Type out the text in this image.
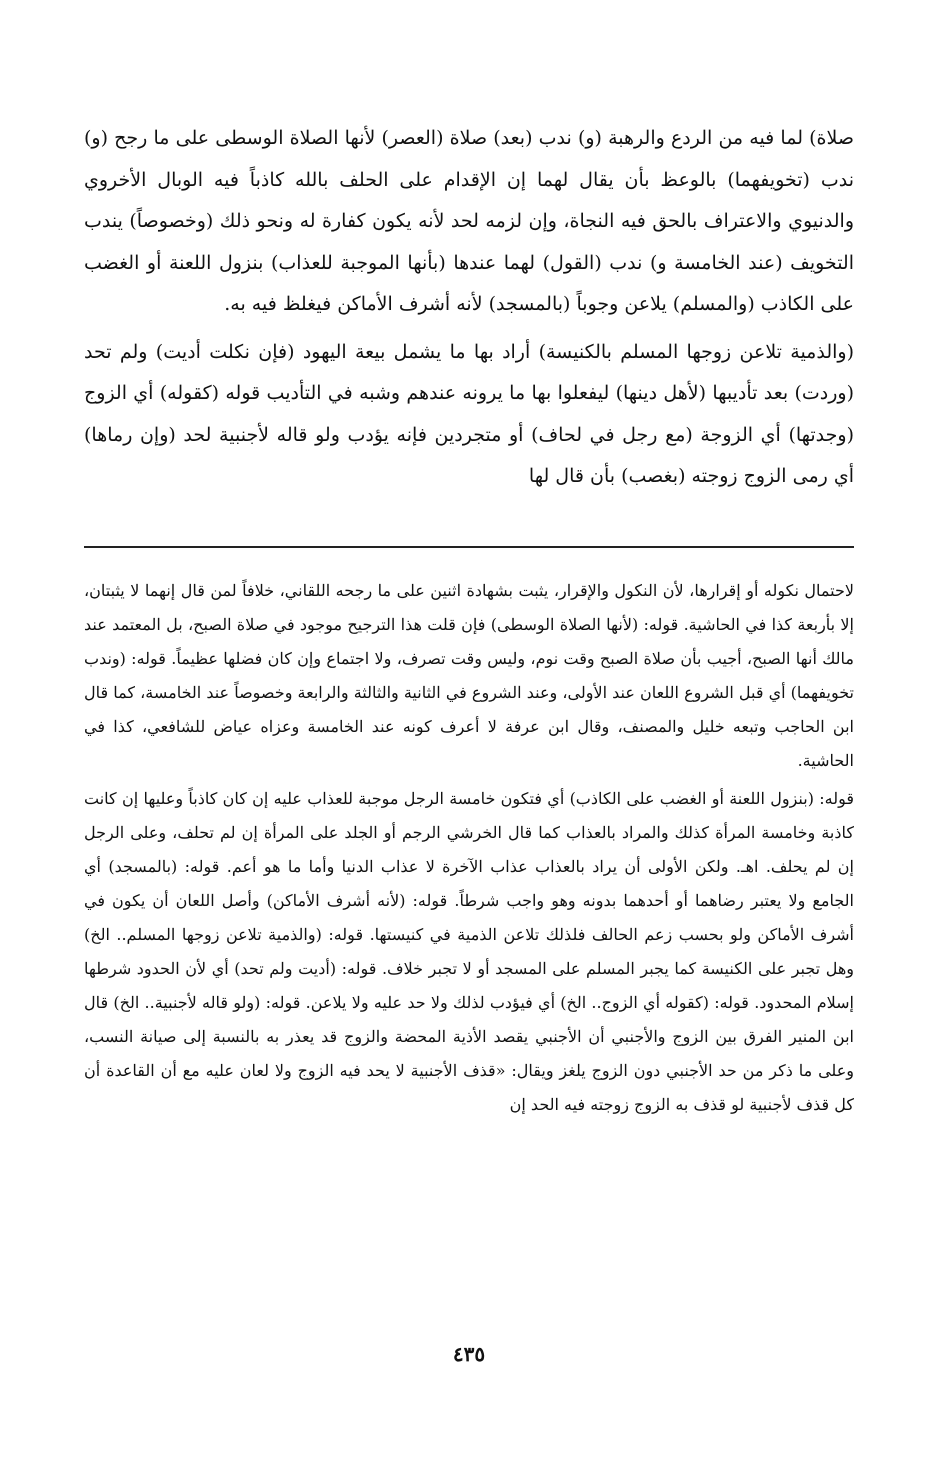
صلاة) لما فيه من الردع والرهبة (و) ندب (بعد) صلاة (العصر) لأنها الصلاة الوسطى على ما رجح (و) ندب (تخويفهما) بالوعظ بأن يقال لهما إن الإقدام على الحلف بالله كاذباً فيه الوبال الأخروي والدنيوي والاعتراف بالحق فيه النجاة، وإن لزمه لحد لأنه يكون كفارة له ونحو ذلك (وخصوصاً) يندب التخويف (عند الخامسة و) ندب (القول) لهما عندها (بأنها الموجبة للعذاب) بنزول اللعنة أو الغضب على الكاذب (والمسلم) يلاعن وجوباً (بالمسجد) لأنه أشرف الأماكن فيغلظ فيه به.

(والذمية تلاعن زوجها المسلم بالكنيسة) أراد بها ما يشمل بيعة اليهود (فإن نكلت أديت) ولم تحد (وردت) بعد تأديبها (لأهل دينها) ليفعلوا بها ما يرونه عندهم وشبه في التأديب قوله (كقوله) أي الزوج (وجدتها) أي الزوجة (مع رجل في لحاف) أو متجردين فإنه يؤدب ولو قاله لأجنبية لحد (وإن رماها) أي رمى الزوج زوجته (بغصب) بأن قال لها

لاحتمال نكوله أو إقرارها، لأن النكول والإقرار، يثبت بشهادة اثنين على ما رجحه اللقاني، خلافاً لمن قال إنهما لا يثبتان، إلا بأربعة كذا في الحاشية. قوله: (لأنها الصلاة الوسطى) فإن قلت هذا الترجيح موجود في صلاة الصبح، بل المعتمد عند مالك أنها الصبح، أجيب بأن صلاة الصبح وقت نوم، وليس وقت تصرف، ولا اجتماع وإن كان فضلها عظيماً. قوله: (وندب تخويفهما) أي قبل الشروع اللعان عند الأولى، وعند الشروع في الثانية والثالثة والرابعة وخصوصاً عند الخامسة، كما قال ابن الحاجب وتبعه خليل والمصنف، وقال ابن عرفة لا أعرف كونه عند الخامسة وعزاه عياض للشافعي، كذا في الحاشية.

قوله: (بنزول اللعنة أو الغضب على الكاذب) أي فتكون خامسة الرجل موجبة للعذاب عليه إن كان كاذباً وعليها إن كانت كاذبة وخامسة المرأة كذلك والمراد بالعذاب كما قال الخرشي الرجم أو الجلد على المرأة إن لم تحلف، وعلى الرجل إن لم يحلف. اهـ. ولكن الأولى أن يراد بالعذاب عذاب الآخرة لا عذاب الدنيا وأما ما هو أعم. قوله: (بالمسجد) أي الجامع ولا يعتبر رضاهما أو أحدهما بدونه وهو واجب شرطاً. قوله: (لأنه أشرف الأماكن) وأصل اللعان أن يكون في أشرف الأماكن ولو بحسب زعم الحالف فلذلك تلاعن الذمية في كنيستها. قوله: (والذمية تلاعن زوجها المسلم.. الخ) وهل تجبر على الكنيسة كما يجبر المسلم على المسجد أو لا تجبر خلاف. قوله: (أديت ولم تحد) أي لأن الحدود شرطها إسلام المحدود. قوله: (كقوله أي الزوج.. الخ) أي فيؤدب لذلك ولا حد عليه ولا يلاعن. قوله: (ولو قاله لأجنبية.. الخ) قال ابن المنير الفرق بين الزوج والأجنبي أن الأجنبي يقصد الأذية المحضة والزوج قد يعذر به بالنسبة إلى صيانة النسب، وعلى ما ذكر من حد الأجنبي دون الزوج يلغز ويقال: «قذف الأجنبية لا يحد فيه الزوج ولا لعان عليه مع أن القاعدة أن كل قذف لأجنبية لو قذف به الزوج زوجته فيه الحد إن

٤٣٥
